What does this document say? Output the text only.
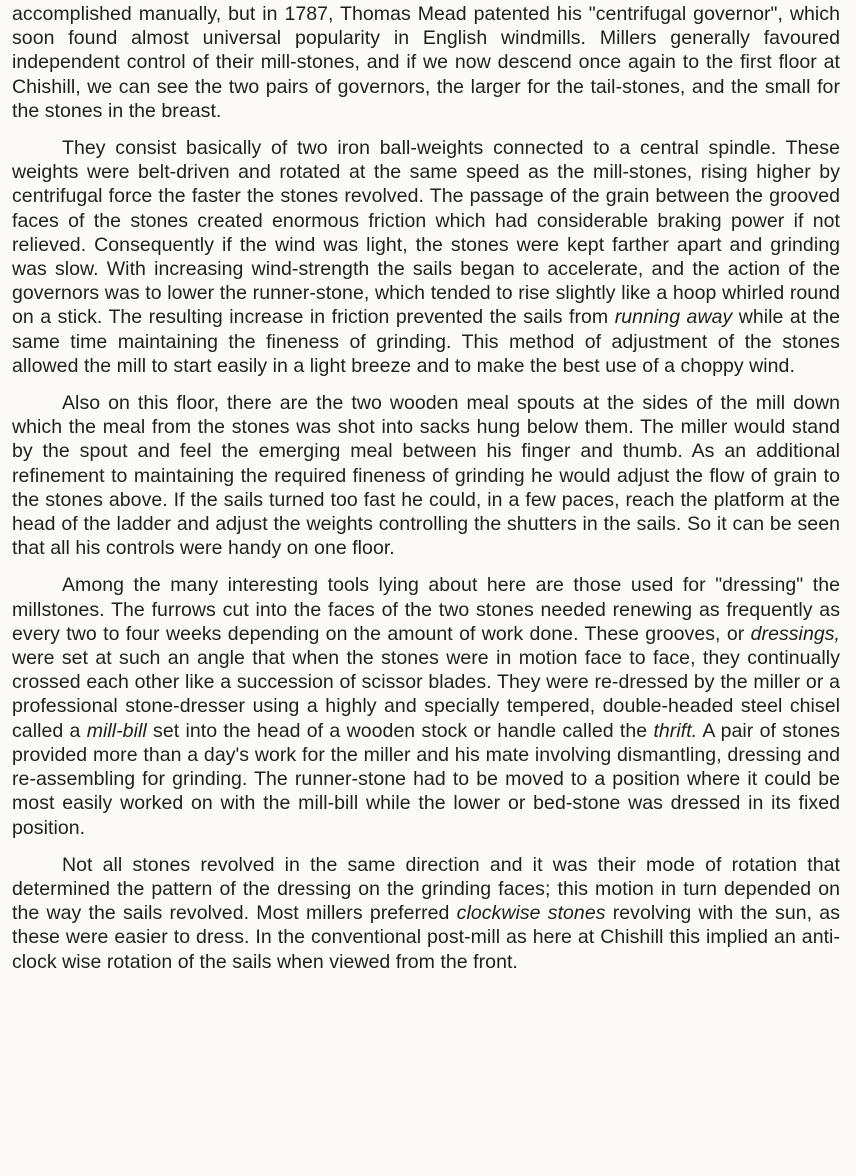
accomplished manually, but in 1787, Thomas Mead patented his "centrifugal governor", which soon found almost universal popularity in English windmills. Millers generally favoured independent control of their mill-stones, and if we now descend once again to the first floor at Chishill, we can see the two pairs of governors, the larger for the tail-stones, and the small for the stones in the breast.

They consist basically of two iron ball-weights connected to a central spindle. These weights were belt-driven and rotated at the same speed as the mill-stones, rising higher by centrifugal force the faster the stones revolved. The passage of the grain between the grooved faces of the stones created enormous friction which had considerable braking power if not relieved. Consequently if the wind was light, the stones were kept farther apart and grinding was slow. With increasing wind-strength the sails began to accelerate, and the action of the governors was to lower the runner-stone, which tended to rise slightly like a hoop whirled round on a stick. The resulting increase in friction prevented the sails from running away while at the same time maintaining the fineness of grinding. This method of adjustment of the stones allowed the mill to start easily in a light breeze and to make the best use of a choppy wind.

Also on this floor, there are the two wooden meal spouts at the sides of the mill down which the meal from the stones was shot into sacks hung below them. The miller would stand by the spout and feel the emerging meal between his finger and thumb. As an additional refinement to maintaining the required fineness of grinding he would adjust the flow of grain to the stones above. If the sails turned too fast he could, in a few paces, reach the platform at the head of the ladder and adjust the weights controlling the shutters in the sails. So it can be seen that all his controls were handy on one floor.

Among the many interesting tools lying about here are those used for "dressing" the millstones. The furrows cut into the faces of the two stones needed renewing as frequently as every two to four weeks depending on the amount of work done. These grooves, or dressings, were set at such an angle that when the stones were in motion face to face, they continually crossed each other like a succession of scissor blades. They were re-dressed by the miller or a professional stone-dresser using a highly and specially tempered, double-headed steel chisel called a mill-bill set into the head of a wooden stock or handle called the thrift. A pair of stones provided more than a day's work for the miller and his mate involving dismantling, dressing and re-assembling for grinding. The runner-stone had to be moved to a position where it could be most easily worked on with the mill-bill while the lower or bed-stone was dressed in its fixed position.

Not all stones revolved in the same direction and it was their mode of rotation that determined the pattern of the dressing on the grinding faces; this motion in turn depended on the way the sails revolved. Most millers preferred clockwise stones revolving with the sun, as these were easier to dress. In the conventional post-mill as here at Chishill this implied an anti-clock wise rotation of the sails when viewed from the front.
